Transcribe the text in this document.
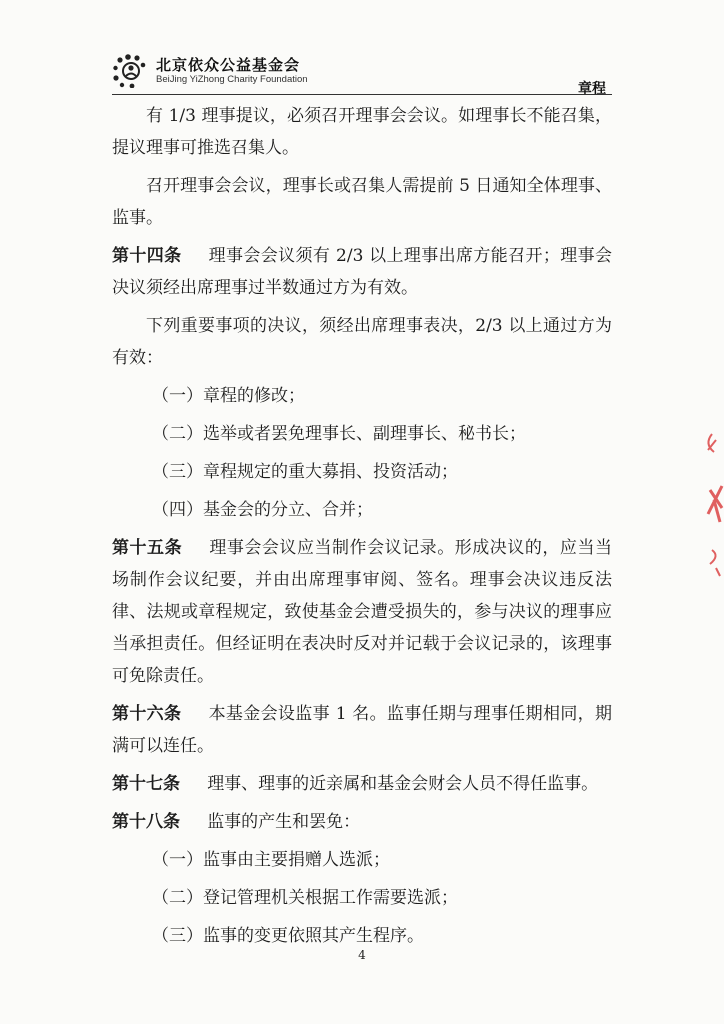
北京依众公益基金会
BeiJing YiZhong Charity Foundation
章程

有 1/3 理事提议，必须召开理事会会议。如理事长不能召集，提议理事可推选召集人。

召开理事会会议，理事长或召集人需提前 5 日通知全体理事、监事。

第十四条 理事会会议须有 2/3 以上理事出席方能召开；理事会决议须经出席理事过半数通过方为有效。

下列重要事项的决议，须经出席理事表决，2/3 以上通过方为有效：

（一）章程的修改；

（二）选举或者罢免理事长、副理事长、秘书长；

（三）章程规定的重大募捐、投资活动；

（四）基金会的分立、合并；

第十五条 理事会会议应当制作会议记录。形成决议的，应当当场制作会议纪要，并由出席理事审阅、签名。理事会决议违反法律、法规或章程规定，致使基金会遭受损失的，参与决议的理事应当承担责任。但经证明在表决时反对并记载于会议记录的，该理事可免除责任。

第十六条 本基金会设监事 1 名。监事任期与理事任期相同，期满可以连任。

第十七条 理事、理事的近亲属和基金会财会人员不得任监事。

第十八条 监事的产生和罢免：

（一）监事由主要捐赠人选派；

（二）登记管理机关根据工作需要选派；

（三）监事的变更依照其产生程序。

4
